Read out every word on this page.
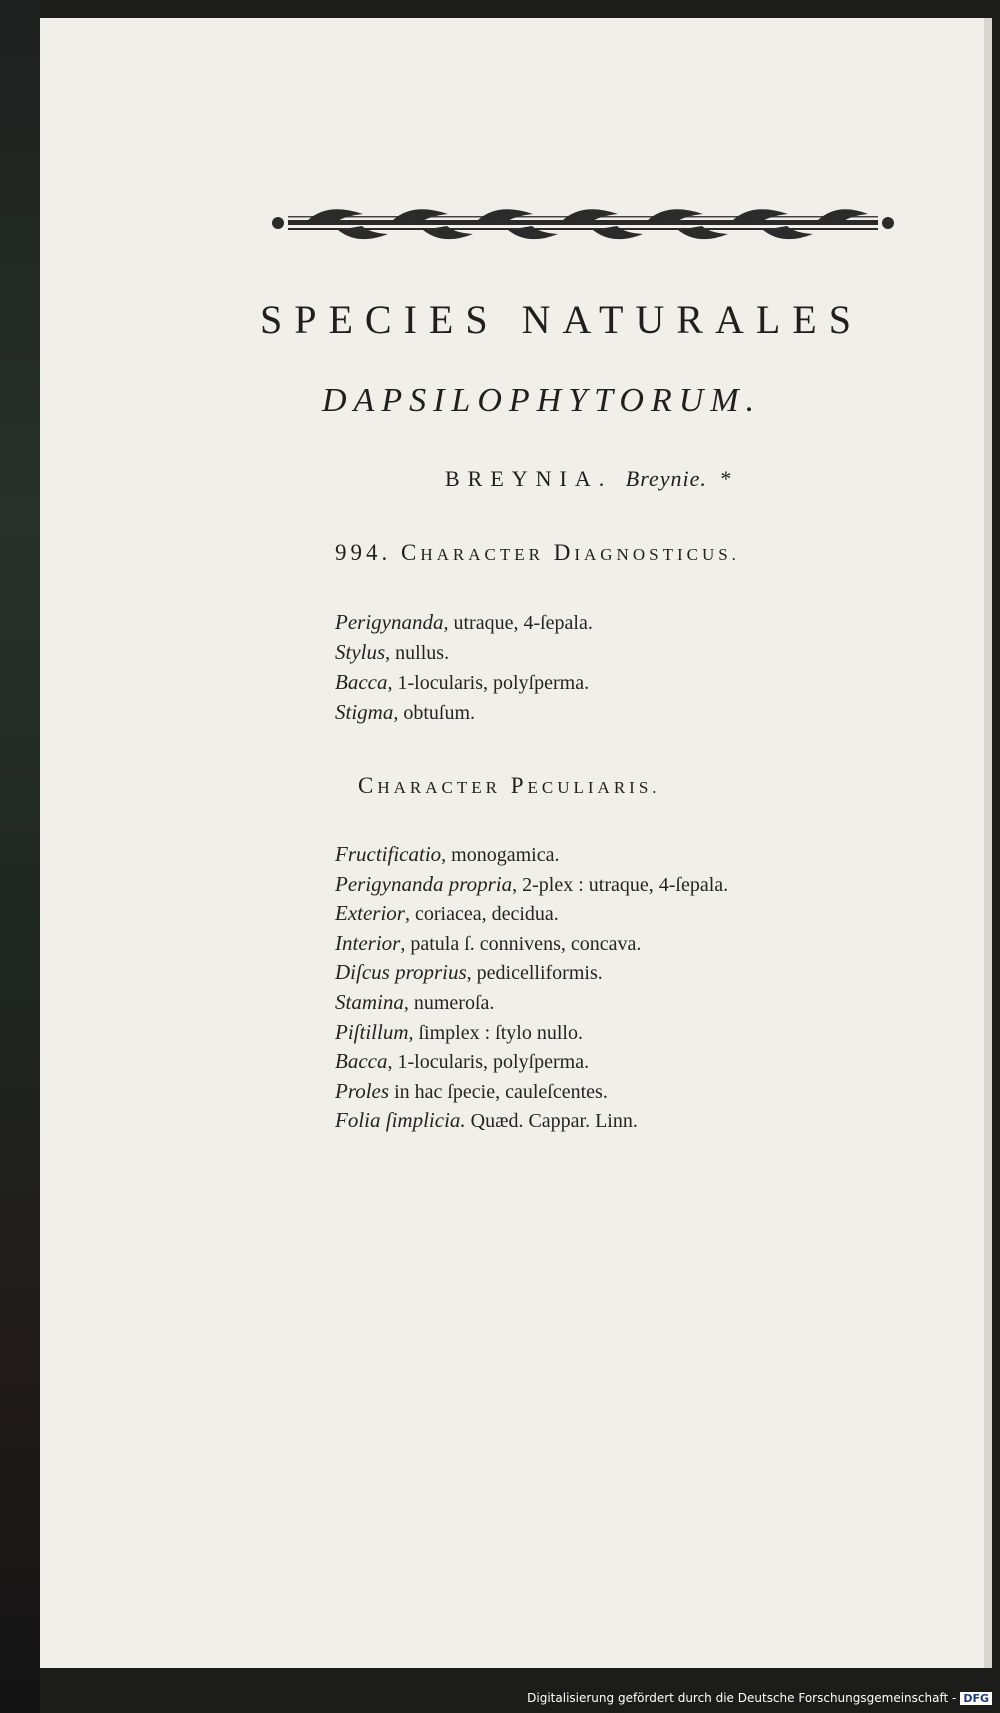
SPECIES NATURALES
DAPSILOPHYTORUM.
BREYNIA. Breynie. *
994. CHARACTER DIAGNOSTICUS.
Perigynanda, utraque, 4-ſepala.
Stylus, nullus.
Bacca, 1-locularis, polyſperma.
Stigma, obtuſum.
CHARACTER PECULIARIS.
Fructificatio, monogamica.
Perigynanda propria, 2-plex : utraque, 4-ſepala.
Exterior, coriacea, decidua.
Interior, patula ſ. connivens, concava.
Diſcus proprius, pedicelliformis.
Stamina, numeroſa.
Piſtillum, ſimplex : ſtylo nullo.
Bacca, 1-locularis, polyſperma.
Proles in hac ſpecie, cauleſcentes.
Folia ſimplicia. Quæd. Cappar. Linn.
Digitalisierung gefördert durch die Deutsche Forschungsgemeinschaft - DFG
